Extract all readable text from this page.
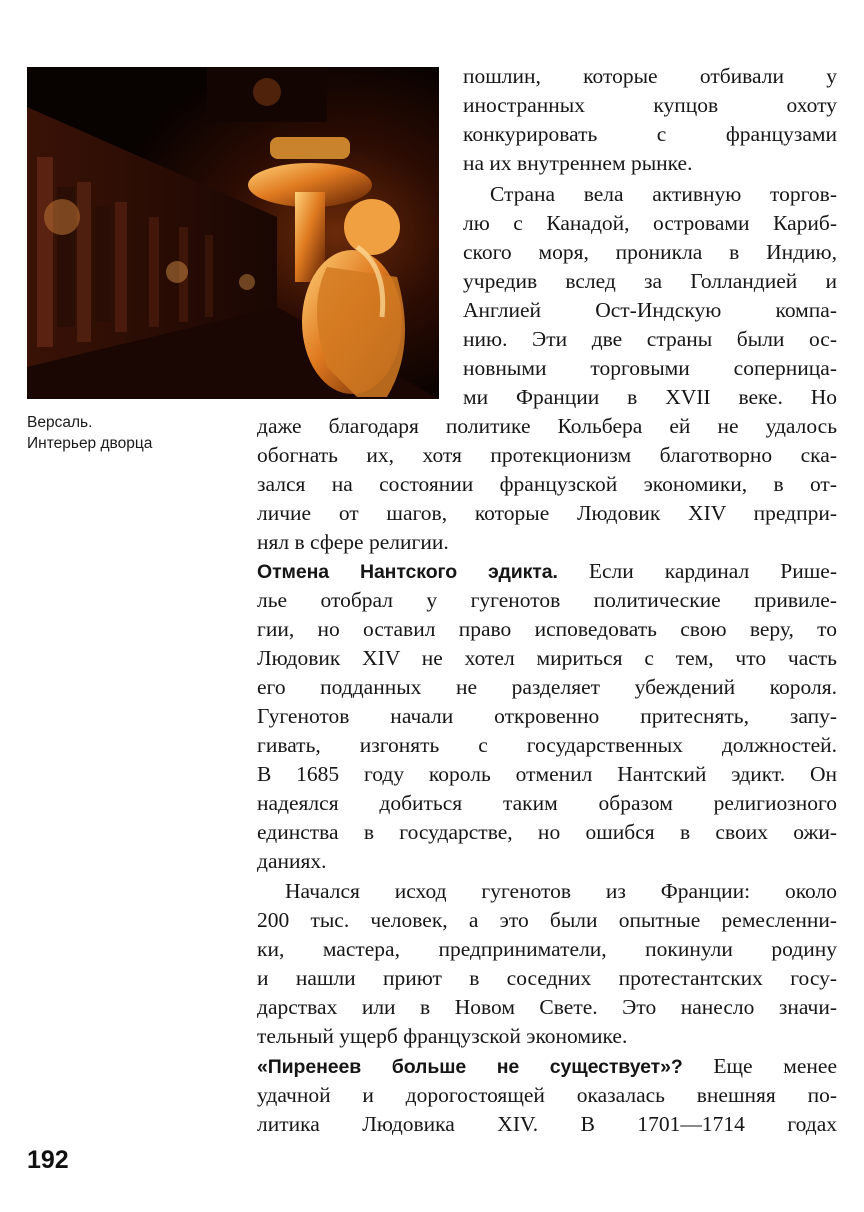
Версаль.
Интерьер дворца
пошлин, которые отбивали у
иностранных купцов охоту
конкурировать с французами
на их внутреннем рынке.
Страна вела активную торгов-
лю с Канадой, островами Кариб-
ского моря, проникла в Индию,
учредив вслед за Голландией и
Англией Ост-Индскую компа-
нию. Эти две страны были ос-
новными торговыми соперница-
ми Франции в XVII веке. Но
даже благодаря политике Кольбера ей не удалось
обогнать их, хотя протекционизм благотворно ска-
зался на состоянии французской экономики, в от-
личие от шагов, которые Людовик XIV предпри-
нял в сфере религии.
Отмена Нантского эдикта. Если кардинал Рише-
лье отобрал у гугенотов политические привиле-
гии, но оставил право исповедовать свою веру, то
Людовик XIV не хотел мириться с тем, что часть
его подданных не разделяет убеждений короля.
Гугенотов начали откровенно притеснять, запу-
гивать, изгонять с государственных должностей.
В 1685 году король отменил Нантский эдикт. Он
надеялся добиться таким образом религиозного
единства в государстве, но ошибся в своих ожи-
даниях.
Начался исход гугенотов из Франции: около
200 тыс. человек, а это были опытные ремесленни-
ки, мастера, предприниматели, покинули родину
и нашли приют в соседних протестантских госу-
дарствах или в Новом Свете. Это нанесло значи-
тельный ущерб французской экономике.
«Пиренеев больше не существует»? Еще менее
удачной и дорогостоящей оказалась внешняя по-
литика Людовика XIV. В 1701—1714 годах
192
